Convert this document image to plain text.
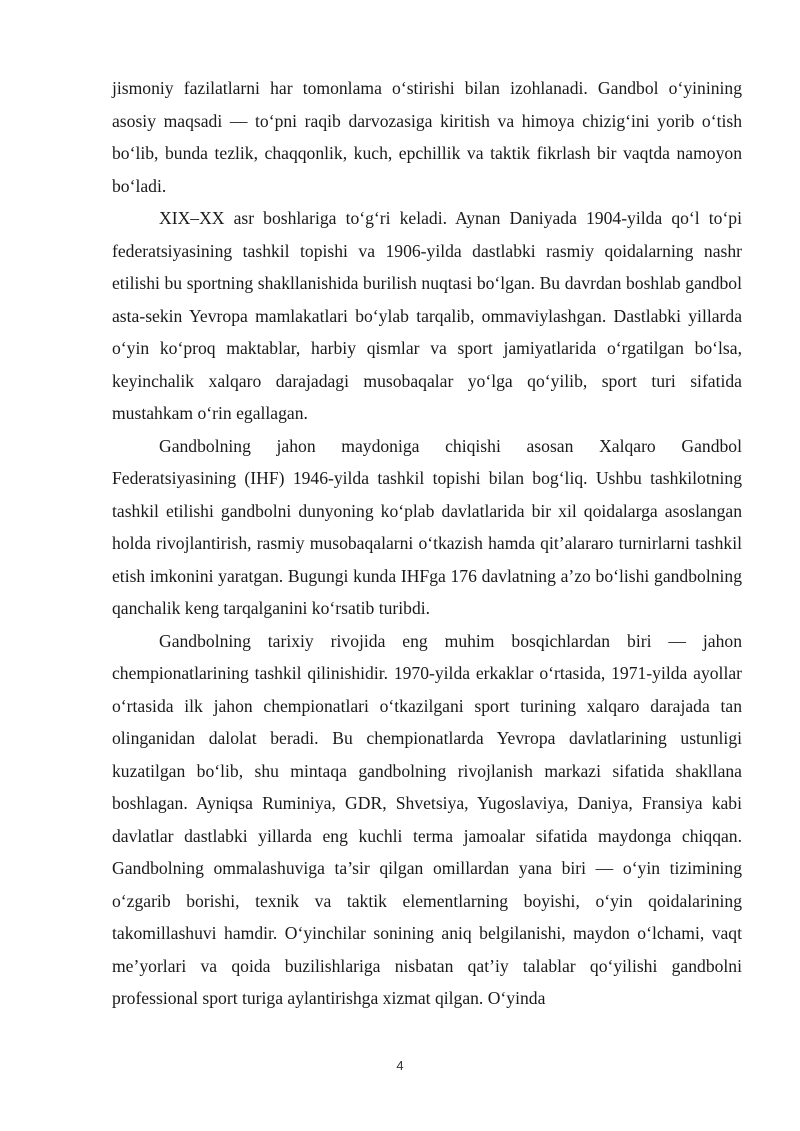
jismoniy fazilatlarni har tomonlama o‘stirishi bilan izohlanadi. Gandbol o‘yinining asosiy maqsadi — to‘pni raqib darvozasiga kiritish va himoya chizig‘ini yorib o‘tish bo‘lib, bunda tezlik, chaqqonlik, kuch, epchillik va taktik fikrlash bir vaqtda namoyon bo‘ladi.

XIX–XX asr boshlariga to‘g‘ri keladi. Aynan Daniyada 1904-yilda qo‘l to‘pi federatsiyasining tashkil topishi va 1906-yilda dastlabki rasmiy qoidalarning nashr etilishi bu sportning shakllanishida burilish nuqtasi bo‘lgan. Bu davrdan boshlab gandbol asta-sekin Yevropa mamlakatlari bo‘ylab tarqalib, ommaviylashgan. Dastlabki yillarda o‘yin ko‘proq maktablar, harbiy qismlar va sport jamiyatlarida o‘rgatilgan bo‘lsa, keyinchalik xalqaro darajadagi musobaqalar yo‘lga qo‘yilib, sport turi sifatida mustahkam o‘rin egallagan.

Gandbolning jahon maydoniga chiqishi asosan Xalqaro Gandbol Federatsiyasining (IHF) 1946-yilda tashkil topishi bilan bog‘liq. Ushbu tashkilotning tashkil etilishi gandbolni dunyoning ko‘plab davlatlarida bir xil qoidalarga asoslangan holda rivojlantirish, rasmiy musobaqalarni o‘tkazish hamda qit’alararo turnirlarni tashkil etish imkonini yaratgan. Bugungi kunda IHFga 176 davlatning a’zo bo‘lishi gandbolning qanchalik keng tarqalganini ko‘rsatib turibdi.

Gandbolning tarixiy rivojida eng muhim bosqichlardan biri — jahon chempionatlarining tashkil qilinishidir. 1970-yilda erkaklar o‘rtasida, 1971-yilda ayollar o‘rtasida ilk jahon chempionatlari o‘tkazilgani sport turining xalqaro darajada tan olinganidan dalolat beradi. Bu chempionatlarda Yevropa davlatlarining ustunligi kuzatilgan bo‘lib, shu mintaqa gandbolning rivojlanish markazi sifatida shakllana boshlagan. Ayniqsa Ruminiya, GDR, Shvetsiya, Yugoslaviya, Daniya, Fransiya kabi davlatlar dastlabki yillarda eng kuchli terma jamoalar sifatida maydonga chiqqan. Gandbolning ommalashuviga ta’sir qilgan omillardan yana biri — o‘yin tizimining o‘zgarib borishi, texnik va taktik elementlarning boyishi, o‘yin qoidalarining takomillashuvi hamdir. O‘yinchilar sonining aniq belgilanishi, maydon o‘lchami, vaqt me’yorlari va qoida buzilishlariga nisbatan qat’iy talablar qo‘yilishi gandbolni professional sport turiga aylantirishga xizmat qilgan. O‘yinda

4
